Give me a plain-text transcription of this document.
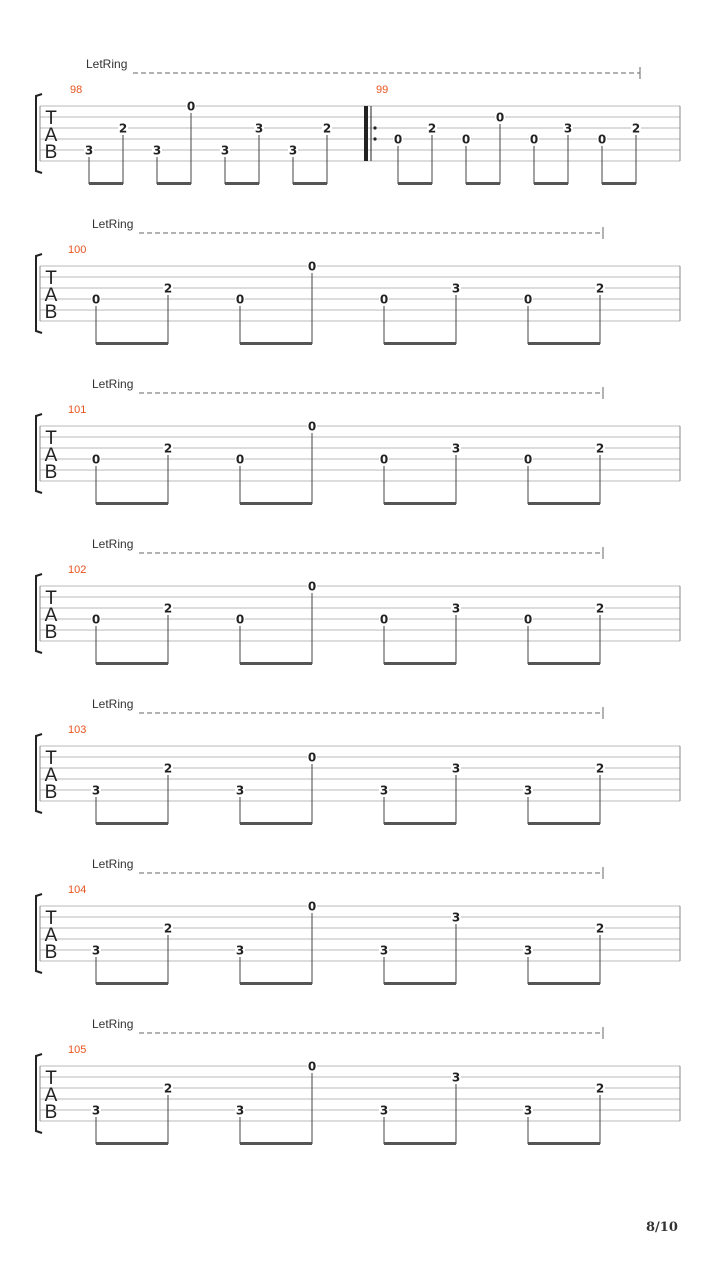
T
A
B
LetRing
98
3
2
3
0
3
3
3
2
99
0
2
0
0
0
3
0
2
T
A
B
LetRing
100
0
2
0
0
0
3
0
2
T
A
B
LetRing
101
0
2
0
0
0
3
0
2
T
A
B
LetRing
102
0
2
0
0
0
3
0
2
T
A
B
LetRing
103
3
2
3
0
3
3
3
2
T
A
B
LetRing
104
3
2
3
0
3
3
3
2
T
A
B
LetRing
105
3
2
3
0
3
3
3
2
8/10
